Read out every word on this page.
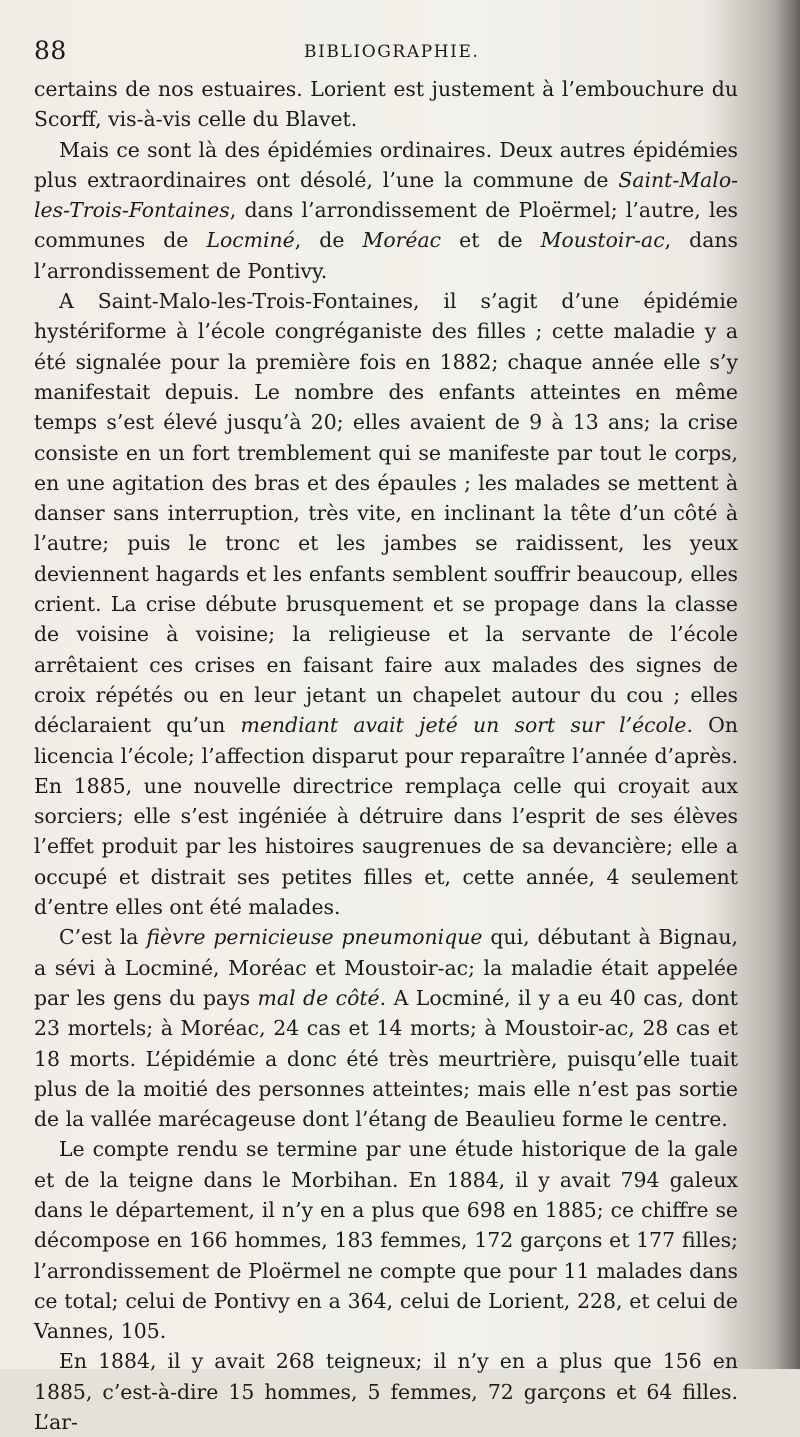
88	BIBLIOGRAPHIE.

certains de nos estuaires. Lorient est justement à l’embouchure du Scorff, vis-à-vis celle du Blavet.

Mais ce sont là des épidémies ordinaires. Deux autres épidémies plus extraordinaires ont désolé, l’une la commune de Saint-Malo-les-Trois-Fontaines, dans l’arrondissement de Ploërmel; l’autre, les communes de Locminé, de Moréac et de Moustoir-ac, dans l’arrondissement de Pontivy.

A Saint-Malo-les-Trois-Fontaines, il s’agit d’une épidémie hystériforme à l’école congréganiste des filles ; cette maladie y a été signalée pour la première fois en 1882; chaque année elle s’y manifestait depuis. Le nombre des enfants atteintes en même temps s’est élevé jusqu’à 20; elles avaient de 9 à 13 ans; la crise consiste en un fort tremblement qui se manifeste par tout le corps, en une agitation des bras et des épaules ; les malades se mettent à danser sans interruption, très vite, en inclinant la tête d’un côté à l’autre; puis le tronc et les jambes se raidissent, les yeux deviennent hagards et les enfants semblent souffrir beaucoup, elles crient. La crise débute brusquement et se propage dans la classe de voisine à voisine; la religieuse et la servante de l’école arrêtaient ces crises en faisant faire aux malades des signes de croix répétés ou en leur jetant un chapelet autour du cou ; elles déclaraient qu’un mendiant avait jeté un sort sur l’école. On licencia l’école; l’affection disparut pour reparaître l’année d’après. En 1885, une nouvelle directrice remplaça celle qui croyait aux sorciers; elle s’est ingéniée à détruire dans l’esprit de ses élèves l’effet produit par les histoires saugrenues de sa devancière; elle a occupé et distrait ses petites filles et, cette année, 4 seulement d’entre elles ont été malades.

C’est la fièvre pernicieuse pneumonique qui, débutant à Bignau, a sévi à Locminé, Moréac et Moustoir-ac; la maladie était appelée par les gens du pays mal de côté. A Locminé, il y a eu 40 cas, dont 23 mortels; à Moréac, 24 cas et 14 morts; à Moustoir-ac, 28 cas et 18 morts. L’épidémie a donc été très meurtrière, puisqu’elle tuait plus de la moitié des personnes atteintes; mais elle n’est pas sortie de la vallée marécageuse dont l’étang de Beaulieu forme le centre.

Le compte rendu se termine par une étude historique de la gale et de la teigne dans le Morbihan. En 1884, il y avait 794 galeux dans le département, il n’y en a plus que 698 en 1885; ce chiffre se décompose en 166 hommes, 183 femmes, 172 garçons et 177 filles; l’arrondissement de Ploërmel ne compte que pour 11 malades dans ce total; celui de Pontivy en a 364, celui de Lorient, 228, et celui de Vannes, 105.

En 1884, il y avait 268 teigneux; il n’y en a plus que 156 en 1885, c’est-à-dire 15 hommes, 5 femmes, 72 garçons et 64 filles. L’ar-
